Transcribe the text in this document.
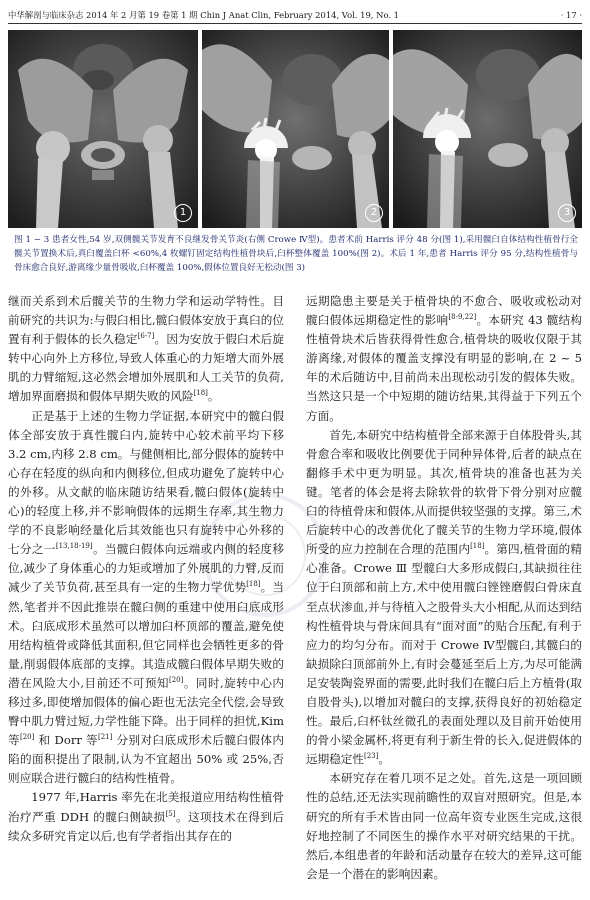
中华解剖与临床杂志 2014 年 2 月第 19 卷第 1 期 Chin J Anat Clin, February 2014, Vol. 19, No. 1	· 17 ·
1	2	3

图 1 ~ 3 患者女性,54 岁,双侧髋关节发育不良继发骨关节炎(右侧 Crowe Ⅳ型)。患者术前 Harris 评分 48 分(图 1),采用髋臼自体结构性植骨行全髋关节置换术后,真臼覆盖臼杯 <60%,4 枚螺钉固定结构性植骨块后,臼杯整体覆盖 100%(图 2)。术后 1 年,患者 Harris 评分 95 分,结构性植骨与骨床愈合良好,游离缘少量骨吸收,臼杯覆盖 100%,假体位置良好无松动(图 3)

继而关系到术后髋关节的生物力学和运动学特性。目前研究的共识为:与假臼相比,髋臼假体安放于真臼的位置有利于假体的长久稳定[6-7]。因为安放于假臼术后旋转中心向外上方移位,导致人体重心的力矩增大而外展肌的力臂缩短,这必然会增加外展肌和人工关节的负荷,增加界面磨损和假体早期失败的风险[18]。

正是基于上述的生物力学证据,本研究中的髋臼假体全部安放于真性髋臼内,旋转中心较术前平均下移 3.2 cm,内移 2.8 cm。与健侧相比,部分假体的旋转中心存在轻度的纵向和内侧移位,但成功避免了旋转中心的外移。从文献的临床随访结果看,髋臼假体(旋转中心)的轻度上移,并不影响假体的远期生存率,其生物力学的不良影响经量化后其效能也只有旋转中心外移的七分之一[13,18-19]。当髋臼假体向远端或内侧的轻度移位,减少了身体重心的力矩或增加了外展肌的力臂,反而减少了关节负荷,甚至具有一定的生物力学优势[18]。当然,笔者并不因此推崇在髋臼侧的重建中使用臼底成形术。臼底成形术虽然可以增加臼杯顶部的覆盖,避免使用结构植骨或降低其面积,但它同样也会牺牲更多的骨量,削弱假体底部的支撑。其造成髋臼假体早期失败的潜在风险大小,目前还不可预知[20]。同时,旋转中心内移过多,即使增加假体的偏心距也无法完全代偿,会导致臀中肌力臂过短,力学性能下降。出于同样的担忧,Kim 等[20] 和 Dorr 等[21] 分别对臼底成形术后髋臼假体内陷的面积提出了限制,认为不宜超出 50% 或 25%,否则应联合进行髋臼的结构性植骨。

1977 年,Harris 率先在北美报道应用结构性植骨治疗严重 DDH 的髋臼侧缺损[5]。这项技术在得到后续众多研究肯定以后,也有学者指出其存在的

远期隐患主要是关于植骨块的不愈合、吸收或松动对髋臼假体远期稳定性的影响[8-9,22]。本研究 43 髋结构性植骨块术后皆获得骨性愈合,植骨块的吸收仅限于其游离缘,对假体的覆盖支撑没有明显的影响,在 2 ~ 5 年的术后随访中,目前尚未出现松动引发的假体失败。当然这只是一个中短期的随访结果,其得益于下列五个方面。

首先,本研究中结构植骨全部来源于自体股骨头,其骨愈合率和吸收比例要优于同种异体骨,后者的缺点在翻修手术中更为明显。其次,植骨块的准备也甚为关键。笔者的体会是将去除软骨的软骨下骨分别对应髋臼的待植骨床和假体,从而提供较坚强的支撑。第三,术后旋转中心的改善优化了髋关节的生物力学环境,假体所受的应力控制在合理的范围内[18]。第四,植骨面的精心准备。Crowe Ⅲ 型髋臼大多形成假臼,其缺损往往位于臼顶部和前上方,术中使用髋臼锉锉磨假臼骨床直至点状渗血,并与待植入之股骨头大小相配,从而达到结构性植骨块与骨床间具有“面对面”的贴合压配,有利于应力的均匀分布。而对于 Crowe Ⅳ型髋臼,其髋臼的缺损除臼顶部前外上,有时会蔓延至后上方,为尽可能满足安装陶瓷界面的需要,此时我们在髋臼后上方植骨(取自股骨头),以增加对髋臼的支撑,获得良好的初始稳定性。最后,臼杯钛丝微孔的表面处理以及目前开始使用的骨小梁金属杯,将更有利于新生骨的长入,促进假体的远期稳定性[23]。

本研究存在着几项不足之处。首先,这是一项回顾性的总结,还无法实现前瞻性的双盲对照研究。但是,本研究的所有手术皆由同一位高年资专业医生完成,这很好地控制了不同医生的操作水平对研究结果的干扰。然后,本组患者的年龄和活动量存在较大的差异,这可能会是一个潜在的影响因素。
